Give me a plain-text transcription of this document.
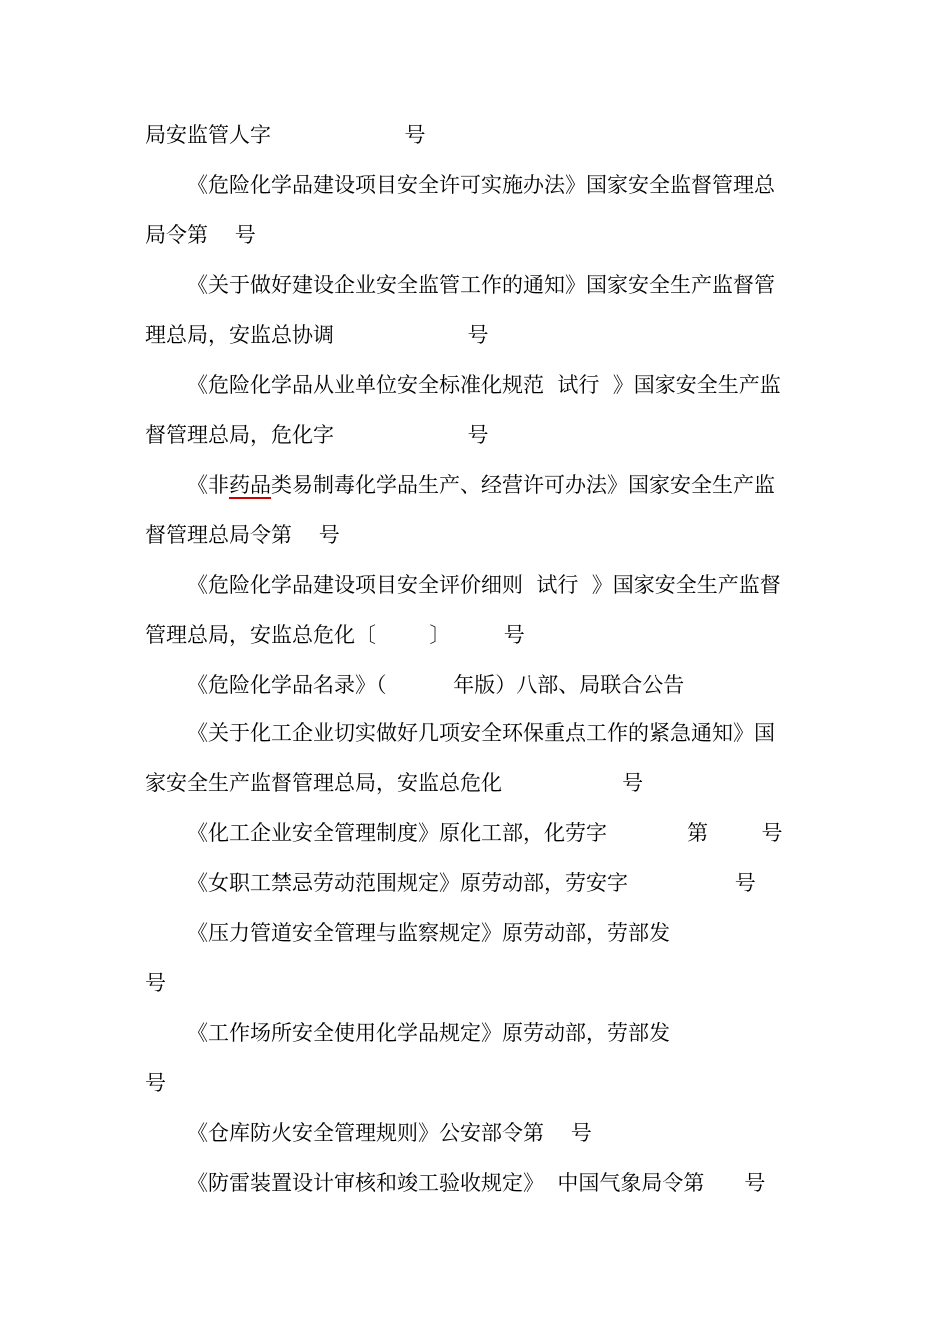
局安监管人字                    号
《危险化学品建设项目安全许可实施办法》国家安全监督管理总
局令第    号
《关于做好建设企业安全监管工作的通知》国家安全生产监督管
理总局，安监总协调                    号
《危险化学品从业单位安全标准化规范  试行  》国家安全生产监
督管理总局，危化字                    号
《非药品类易制毒化学品生产、经营许可办法》国家安全生产监
督管理总局令第    号
《危险化学品建设项目安全评价细则  试行  》国家安全生产监督
管理总局，安监总危化〔        〕        号
《危险化学品名录》（          年版）八部、局联合公告
《关于化工企业切实做好几项安全环保重点工作的紧急通知》国
家安全生产监督管理总局，安监总危化                  号
《化工企业安全管理制度》原化工部，化劳字            第        号
《女职工禁忌劳动范围规定》原劳动部，劳安字                号
《压力管道安全管理与监察规定》原劳动部，劳部发
号
《工作场所安全使用化学品规定》原劳动部，劳部发
号
《仓库防火安全管理规则》公安部令第    号
《防雷装置设计审核和竣工验收规定》  中国气象局令第      号
